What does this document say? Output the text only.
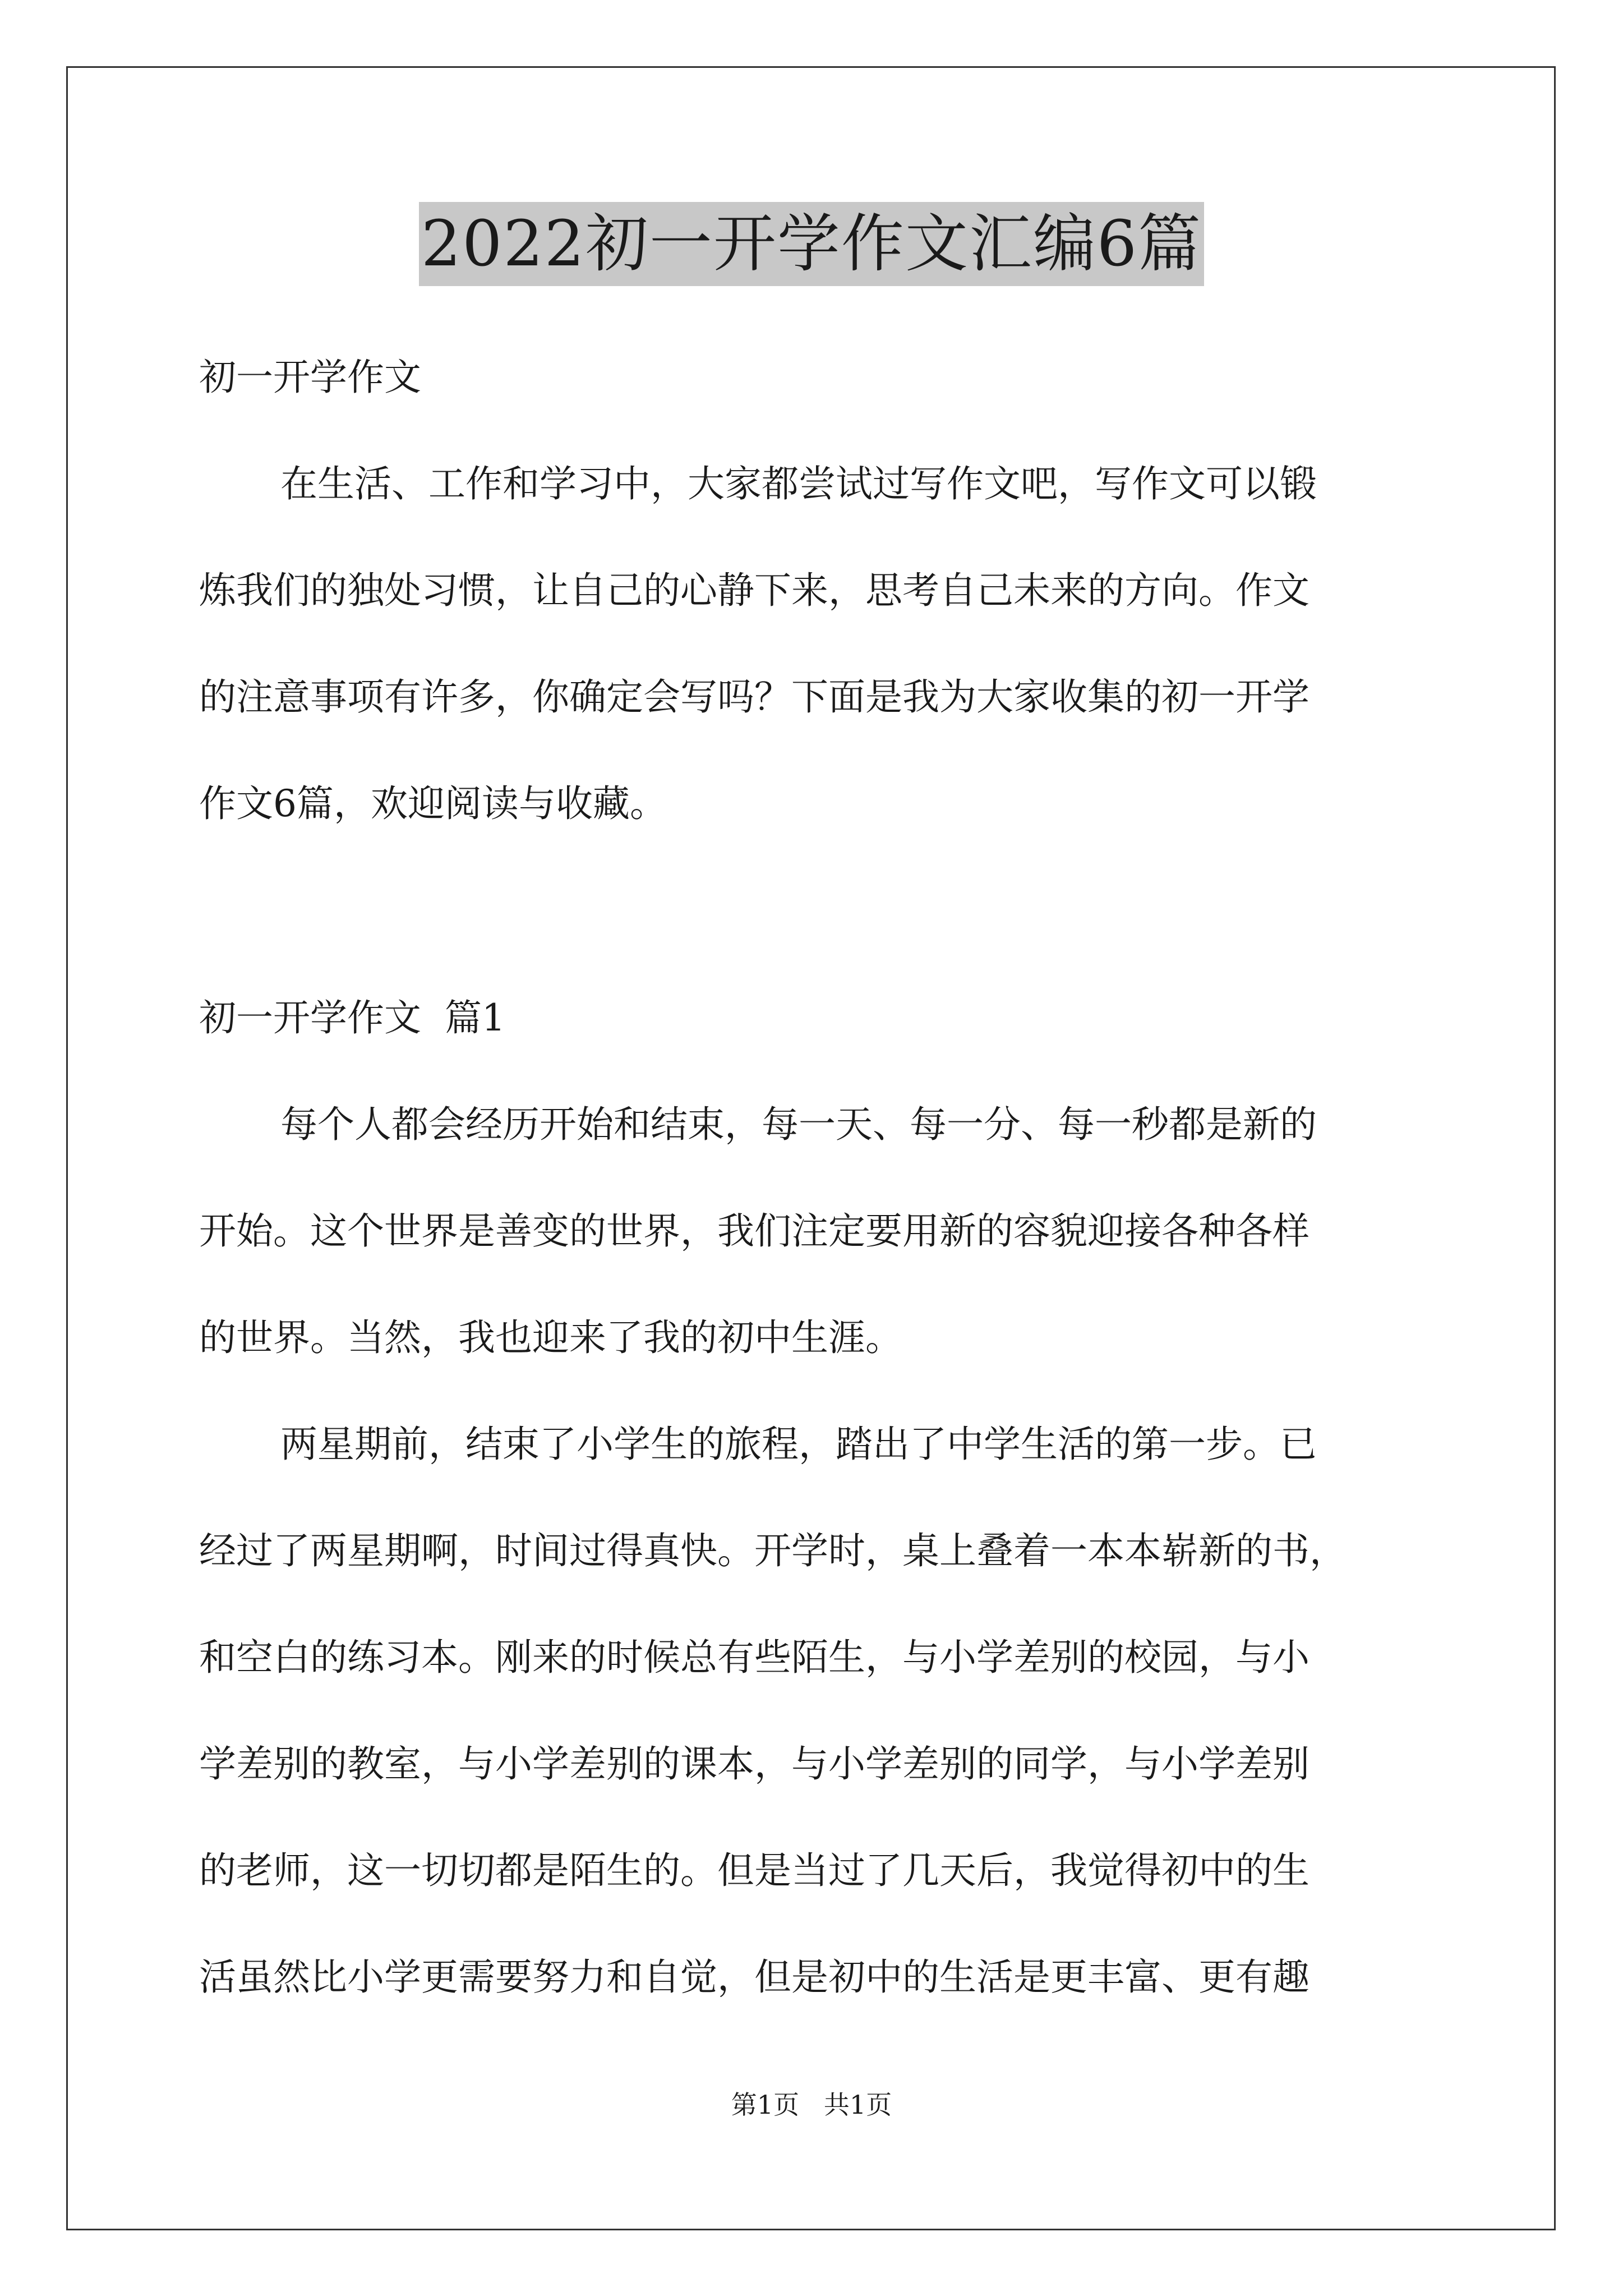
2022初一开学作文汇编6篇
初一开学作文
在生活、工作和学习中，大家都尝试过写作文吧，写作文可以锻
炼我们的独处习惯，让自己的心静下来，思考自己未来的方向。作文
的注意事项有许多，你确定会写吗？下面是我为大家收集的初一开学
作文6篇，欢迎阅读与收藏。
初一开学作文  篇1
每个人都会经历开始和结束，每一天、每一分、每一秒都是新的
开始。这个世界是善变的世界，我们注定要用新的容貌迎接各种各样
的世界。当然，我也迎来了我的初中生涯。
两星期前，结束了小学生的旅程，踏出了中学生活的第一步。已
经过了两星期啊，时间过得真快。开学时，桌上叠着一本本崭新的书，
和空白的练习本。刚来的时候总有些陌生，与小学差别的校园，与小
学差别的教室，与小学差别的课本，与小学差别的同学，与小学差别
的老师，这一切切都是陌生的。但是当过了几天后，我觉得初中的生
活虽然比小学更需要努力和自觉，但是初中的生活是更丰富、更有趣
第1页   共1页
